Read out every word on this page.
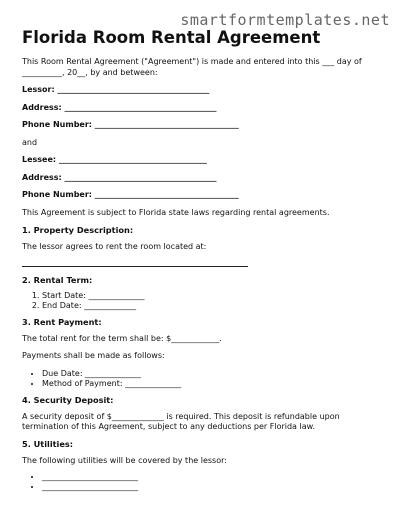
smartformtemplates.net
Florida Room Rental Agreement

This Room Rental Agreement ("Agreement") is made and entered into this ___ day of

__________, 20__, by and between:

Lessor: ______________________________________

Address: ______________________________________

Phone Number: ____________________________________

and

Lessee: _____________________________________

Address: ______________________________________

Phone Number: ____________________________________

This Agreement is subject to Florida state laws regarding rental agreements.

1. Property Description:

The lessor agrees to rent the room located at:

2. Rental Term:

1. Start Date: ______________
2. End Date: _____________

3. Rent Payment:

The total rent for the term shall be: $____________.

Payments shall be made as follows:

• Due Date: ______________
• Method of Payment: ______________

4. Security Deposit:

A security deposit of $_____________ is required. This deposit is refundable upon

termination of this Agreement, subject to any deductions per Florida law.

5. Utilities:

The following utilities will be covered by the lessor:

• ________________________
• ________________________
